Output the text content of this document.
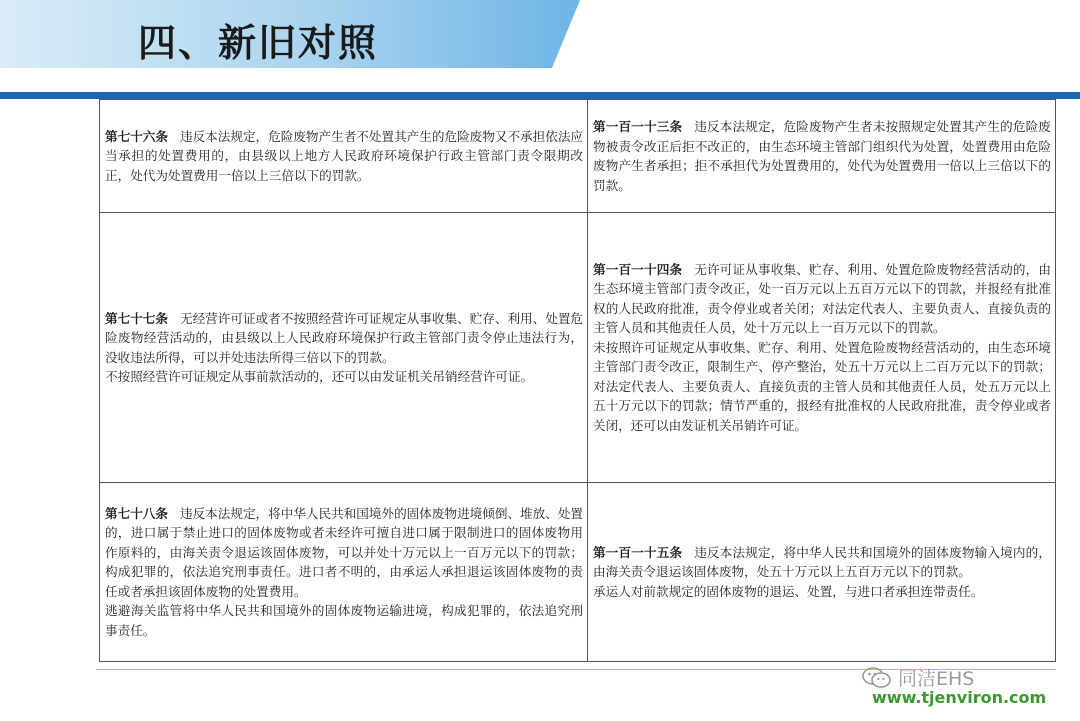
四、新旧对照

第七十六条 违反本法规定，危险废物产生者不处置其产生的危险废物又不承担依法应当承担的处置费用的，由县级以上地方人民政府环境保护行政主管部门责令限期改正，处代为处置费用一倍以上三倍以下的罚款。

第一百一十三条 违反本法规定，危险废物产生者未按照规定处置其产生的危险废物被责令改正后拒不改正的，由生态环境主管部门组织代为处置，处置费用由危险废物产生者承担；拒不承担代为处置费用的，处代为处置费用一倍以上三倍以下的罚款。

第七十七条 无经营许可证或者不按照经营许可证规定从事收集、贮存、利用、处置危险废物经营活动的，由县级以上人民政府环境保护行政主管部门责令停止违法行为，没收违法所得，可以并处违法所得三倍以下的罚款。

不按照经营许可证规定从事前款活动的，还可以由发证机关吊销经营许可证。

第一百一十四条 无许可证从事收集、贮存、利用、处置危险废物经营活动的，由生态环境主管部门责令改正，处一百万元以上五百万元以下的罚款，并报经有批准权的人民政府批准，责令停业或者关闭；对法定代表人、主要负责人、直接负责的主管人员和其他责任人员，处十万元以上一百万元以下的罚款。

未按照许可证规定从事收集、贮存、利用、处置危险废物经营活动的，由生态环境主管部门责令改正，限制生产、停产整治，处五十万元以上二百万元以下的罚款；对法定代表人、主要负责人、直接负责的主管人员和其他责任人员，处五万元以上五十万元以下的罚款；情节严重的，报经有批准权的人民政府批准，责令停业或者关闭，还可以由发证机关吊销许可证。

第七十八条 违反本法规定，将中华人民共和国境外的固体废物进境倾倒、堆放、处置的，进口属于禁止进口的固体废物或者未经许可擅自进口属于限制进口的固体废物用作原料的，由海关责令退运该固体废物，可以并处十万元以上一百万元以下的罚款；构成犯罪的，依法追究刑事责任。进口者不明的，由承运人承担退运该固体废物的责任或者承担该固体废物的处置费用。

逃避海关监管将中华人民共和国境外的固体废物运输进境，构成犯罪的，依法追究刑事责任。

第一百一十五条 违反本法规定，将中华人民共和国境外的固体废物输入境内的，由海关责令退运该固体废物，处五十万元以上五百万元以下的罚款。

承运人对前款规定的固体废物的退运、处置，与进口者承担连带责任。

同洁EHS
www.tjenviron.com
